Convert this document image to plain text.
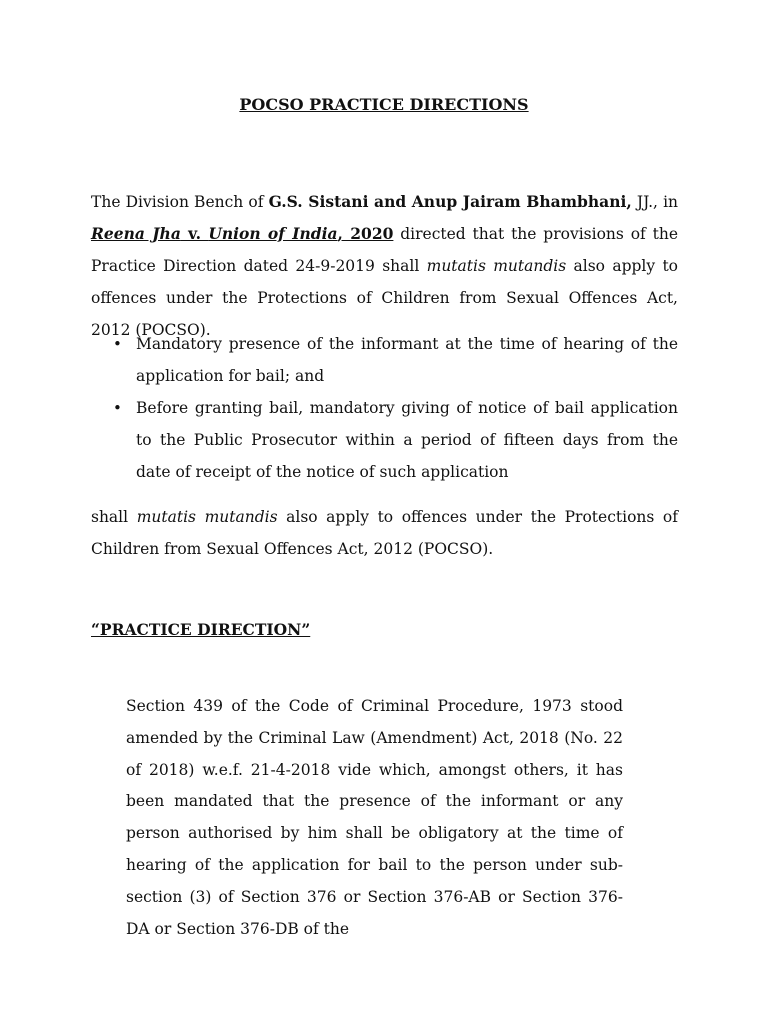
POCSO PRACTICE DIRECTIONS

The Division Bench of G.S. Sistani and Anup Jairam Bhambhani, JJ., in Reena Jha v. Union of India, 2020 directed that the provisions of the Practice Direction dated 24-9-2019 shall mutatis mutandis also apply to offences under the Protections of Children from Sexual Offences Act, 2012 (POCSO).

• Mandatory presence of the informant at the time of hearing of the application for bail; and
• Before granting bail, mandatory giving of notice of bail application to the Public Prosecutor within a period of fifteen days from the date of receipt of the notice of such application

shall mutatis mutandis also apply to offences under the Protections of Children from Sexual Offences Act, 2012 (POCSO).

“PRACTICE DIRECTION”

Section 439 of the Code of Criminal Procedure, 1973 stood amended by the Criminal Law (Amendment) Act, 2018 (No. 22 of 2018) w.e.f. 21-4-2018 vide which, amongst others, it has been mandated that the presence of the informant or any person authorised by him shall be obligatory at the time of hearing of the application for bail to the person under sub-section (3) of Section 376 or Section 376-AB or Section 376-DA or Section 376-DB of the
